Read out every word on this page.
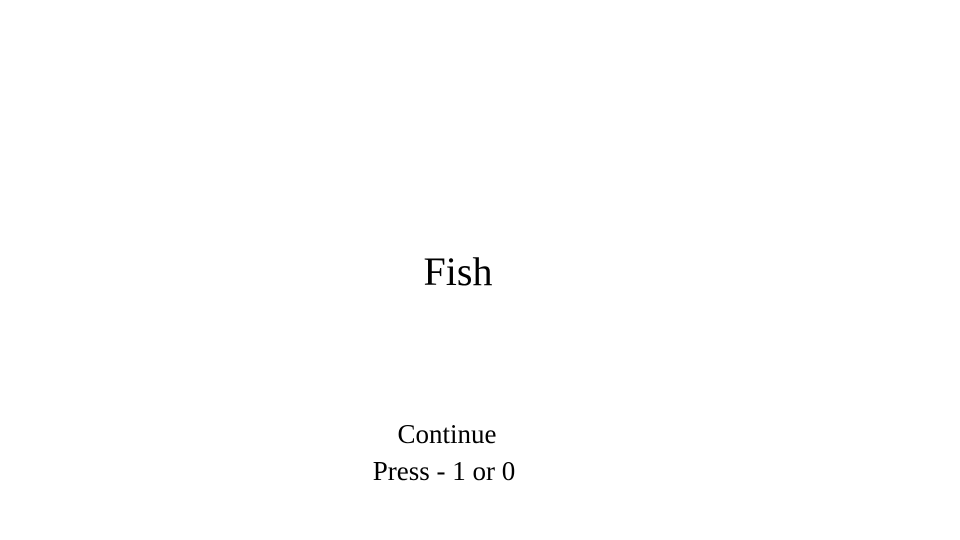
Fish
Continue
Press - 1 or 0
